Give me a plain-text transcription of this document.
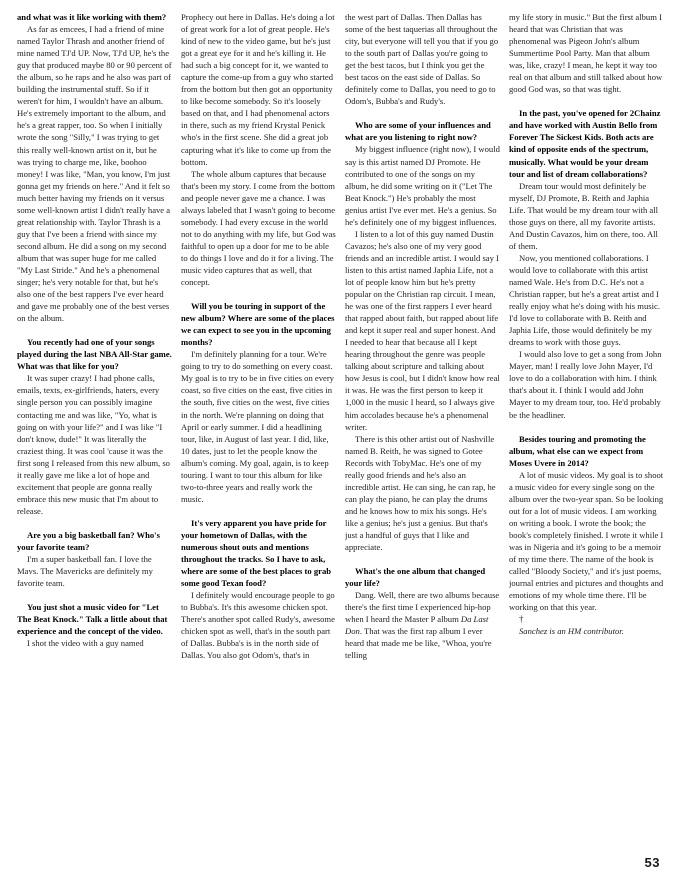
and what was it like working with them?

As far as emcees, I had a friend of mine named Taylor Thrash and another friend of mine named TJ'd UP. Now, TJ'd UP, he's the guy that produced maybe 80 or 90 percent of the album, so he raps and he also was part of building the instrumental stuff. So if it weren't for him, I wouldn't have an album. He's extremely important to the album, and he's a great rapper, too. So when I initially wrote the song "Silly," I was trying to get this really well-known artist on it, but he was trying to charge me, like, boohoo money! I was like, "Man, you know, I'm just gonna get my friends on here." And it felt so much better having my friends on it versus some well-known artist I didn't really have a great relationship with. Taylor Thrash is a guy that I've been a friend with since my second album. He did a song on my second album that was super huge for me called "My Last Stride." And he's a phenomenal singer; he's very notable for that, but he's also one of the best rappers I've ever heard and gave me probably one of the best verses on the album.

You recently had one of your songs played during the last NBA All-Star game. What was that like for you?

It was super crazy! I had phone calls, emails, texts, ex-girlfriends, haters, every single person you can possibly imagine contacting me and was like, "Yo, what is going on with your life?" and I was like "I don't know, dude!" It was literally the craziest thing. It was cool 'cause it was the first song I released from this new album, so it really gave me like a lot of hope and excitement that people are gonna really embrace this new music that I'm about to release.

Are you a big basketball fan? Who's your favorite team?

I'm a super basketball fan. I love the Mavs. The Mavericks are definitely my favorite team.

You just shot a music video for "Let The Beat Knock." Talk a little about that experience and the concept of the video.

I shot the video with a guy named

Prophecy out here in Dallas. He's doing a lot of great work for a lot of great people. He's kind of new to the video game, but he's just got a great eye for it and he's killing it. He had such a big concept for it, we wanted to capture the come-up from a guy who started from the bottom but then got an opportunity to like become somebody. So it's loosely based on that, and I had phenomenal actors in there, such as my friend Krystal Penick who's in the first scene. She did a great job capturing what it's like to come up from the bottom.

The whole album captures that because that's been my story. I come from the bottom and people never gave me a chance. I was always labeled that I wasn't going to become somebody. I had every excuse in the world not to do anything with my life, but God was faithful to open up a door for me to be able to do things I love and do it for a living. The music video captures that as well, that concept.

Will you be touring in support of the new album? Where are some of the places we can expect to see you in the upcoming months?

I'm definitely planning for a tour. We're going to try to do something on every coast. My goal is to try to be in five cities on every coast, so five cities on the east, five cities in the south, five cities on the west, five cities in the north. We're planning on doing that April or early summer. I did a headlining tour, like, in August of last year. I did, like, 10 dates, just to let the people know the album's coming. My goal, again, is to keep touring. I want to tour this album for like two-to-three years and really work the music.

It's very apparent you have pride for your hometown of Dallas, with the numerous shout outs and mentions throughout the tracks. So I have to ask, where are some of the best places to grab some good Texan food?

I definitely would encourage people to go to Bubba's. It's this awesome chicken spot. There's another spot called Rudy's, awesome chicken spot as well, that's in the south part of Dallas. Bubba's is in the north side of Dallas. You also got Odom's, that's in

the west part of Dallas. Then Dallas has some of the best taquerias all throughout the city, but everyone will tell you that if you go to the south part of Dallas you're going to get the best tacos, but I think you get the best tacos on the east side of Dallas. So definitely come to Dallas, you need to go to Odom's, Bubba's and Rudy's.

Who are some of your influences and what are you listening to right now?

My biggest influence (right now), I would say is this artist named DJ Promote. He contributed to one of the songs on my album, he did some writing on it ("Let The Beat Knock.") He's probably the most genius artist I've ever met. He's a genius. So he's definitely one of my biggest influences.

I listen to a lot of this guy named Dustin Cavazos; he's also one of my very good friends and an incredible artist. I would say I listen to this artist named Japhia Life, not a lot of people know him but he's pretty popular on the Christian rap circuit. I mean, he was one of the first rappers I ever heard that rapped about faith, but rapped about life and kept it super real and super honest. And I needed to hear that because all I kept hearing throughout the genre was people talking about scripture and talking about how Jesus is cool, but I didn't know how real it was. He was the first person to keep it 1,000 in the music I heard, so I always give him accolades because he's a phenomenal writer.

There is this other artist out of Nashville named B. Reith, he was signed to Gotee Records with TobyMac. He's one of my really good friends and he's also an incredible artist. He can sing, he can rap, he can play the piano, he can play the drums and he knows how to mix his songs. He's like a genius; he's just a genius. But that's just a handful of guys that I like and appreciate.

What's the one album that changed your life?

Dang. Well, there are two albums because there's the first time I experienced hip-hop when I heard the Master P album Da Last Don. That was the first rap album I ever heard that made me be like, "Whoa, you're telling

my life story in music." But the first album I heard that was Christian that was phenomenal was Pigeon John's album Summertime Pool Party. Man that album was, like, crazy! I mean, he kept it way too real on that album and still talked about how good God was, so that was tight.

In the past, you've opened for 2Chainz and have worked with Austin Bello from Forever The Sickest Kids. Both acts are kind of opposite ends of the spectrum, musically. What would be your dream tour and list of dream collaborations?

Dream tour would most definitely be myself, DJ Promote, B. Reith and Japhia Life. That would be my dream tour with all those guys on there, all my favorite artists. And Dustin Cavazos, him on there, too. All of them.

Now, you mentioned collaborations. I would love to collaborate with this artist named Wale. He's from D.C. He's not a Christian rapper, but he's a great artist and I really enjoy what he's doing with his music. I'd love to collaborate with B. Reith and Japhia Life, those would definitely be my dreams to work with those guys.

I would also love to get a song from John Mayer, man! I really love John Mayer, I'd love to do a collaboration with him. I think that's about it. I think I would add John Mayer to my dream tour, too. He'd probably be the headliner.

Besides touring and promoting the album, what else can we expect from Moses Uvere in 2014?

A lot of music videos. My goal is to shoot a music video for every single song on the album over the two-year span. So be looking out for a lot of music videos. I am working on writing a book. I wrote the book; the book's completely finished. I wrote it while I was in Nigeria and it's going to be a memoir of my time there. The name of the book is called "Bloody Society," and it's just poems, journal entries and pictures and thoughts and emotions of my whole time there. I'll be working on that this year.

†

Sanchez is an HM contributor.

53
